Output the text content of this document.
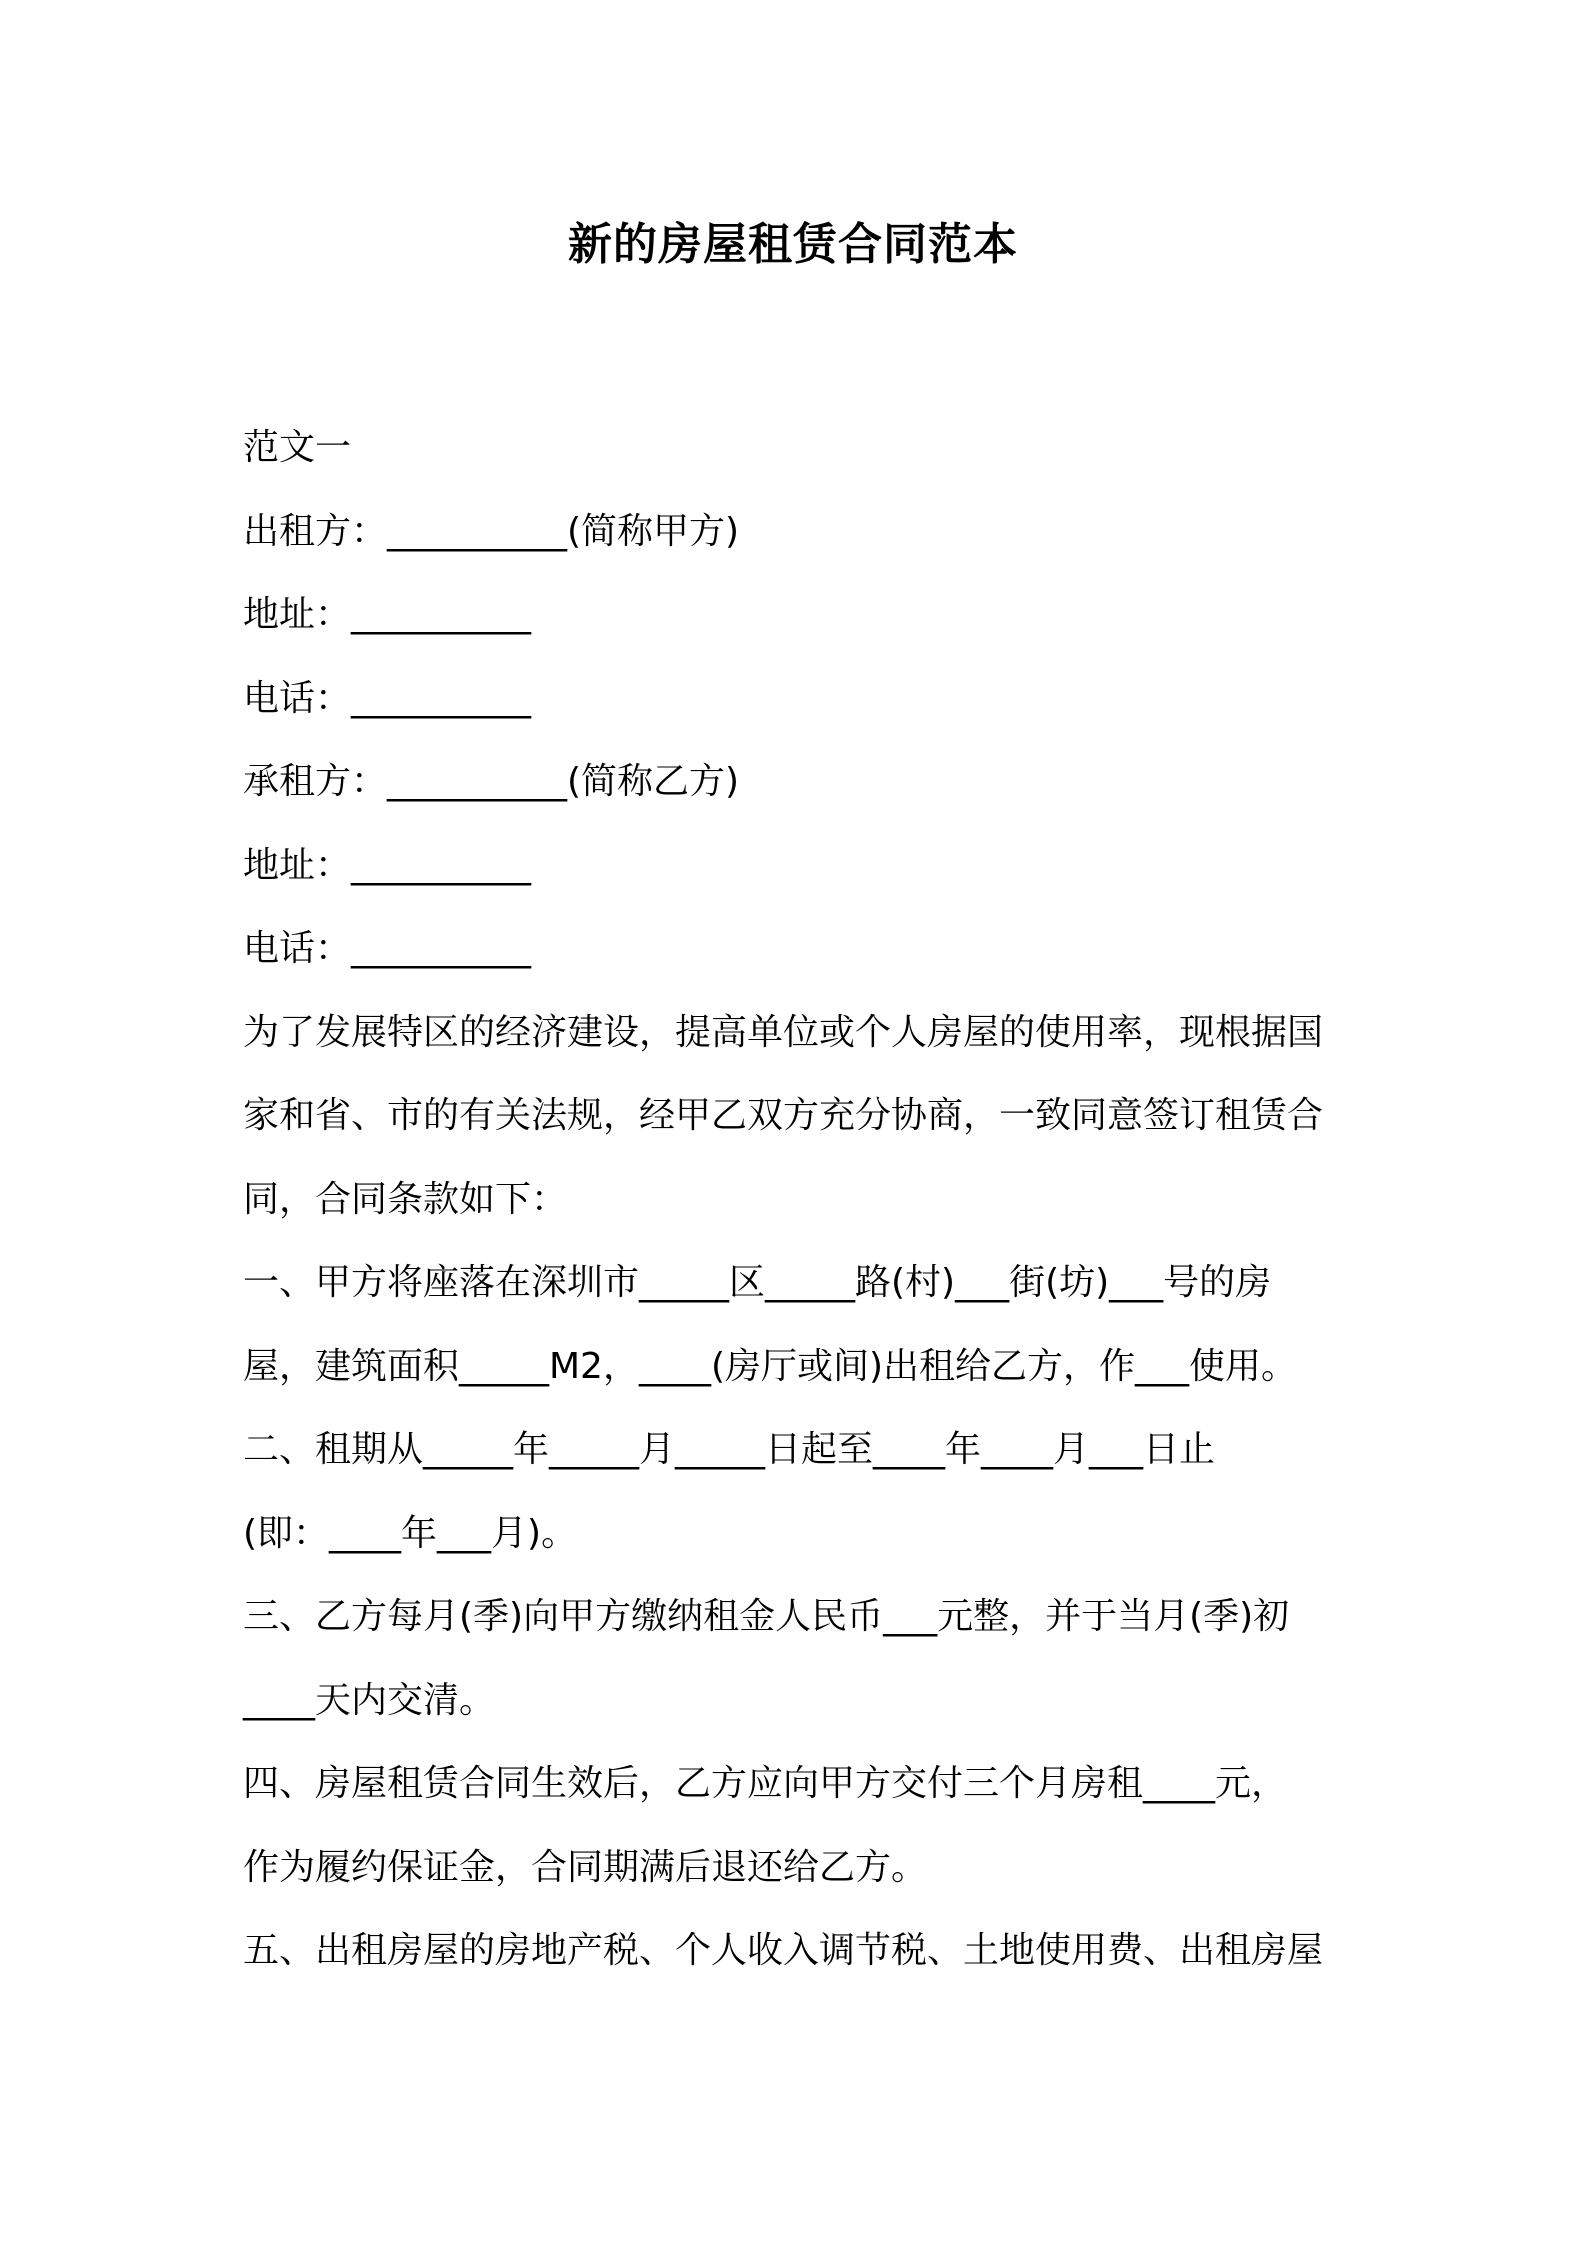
新的房屋租赁合同范本
范文一
出租方：__________(简称甲方)
地址：__________
电话：__________
承租方：__________(简称乙方)
地址：__________
电话：__________
为了发展特区的经济建设，提高单位或个人房屋的使用率，现根据国
家和省、市的有关法规，经甲乙双方充分协商，一致同意签订租赁合
同，合同条款如下：
一、甲方将座落在深圳市_____区_____路(村)___街(坊)___号的房
屋，建筑面积_____M2，____(房厅或间)出租给乙方，作___使用。
二、租期从_____年_____月_____日起至____年____月___日止
(即：____年___月)。
三、乙方每月(季)向甲方缴纳租金人民币___元整，并于当月(季)初
____天内交清。
四、房屋租赁合同生效后，乙方应向甲方交付三个月房租____元，
作为履约保证金，合同期满后退还给乙方。
五、出租房屋的房地产税、个人收入调节税、土地使用费、出租房屋
